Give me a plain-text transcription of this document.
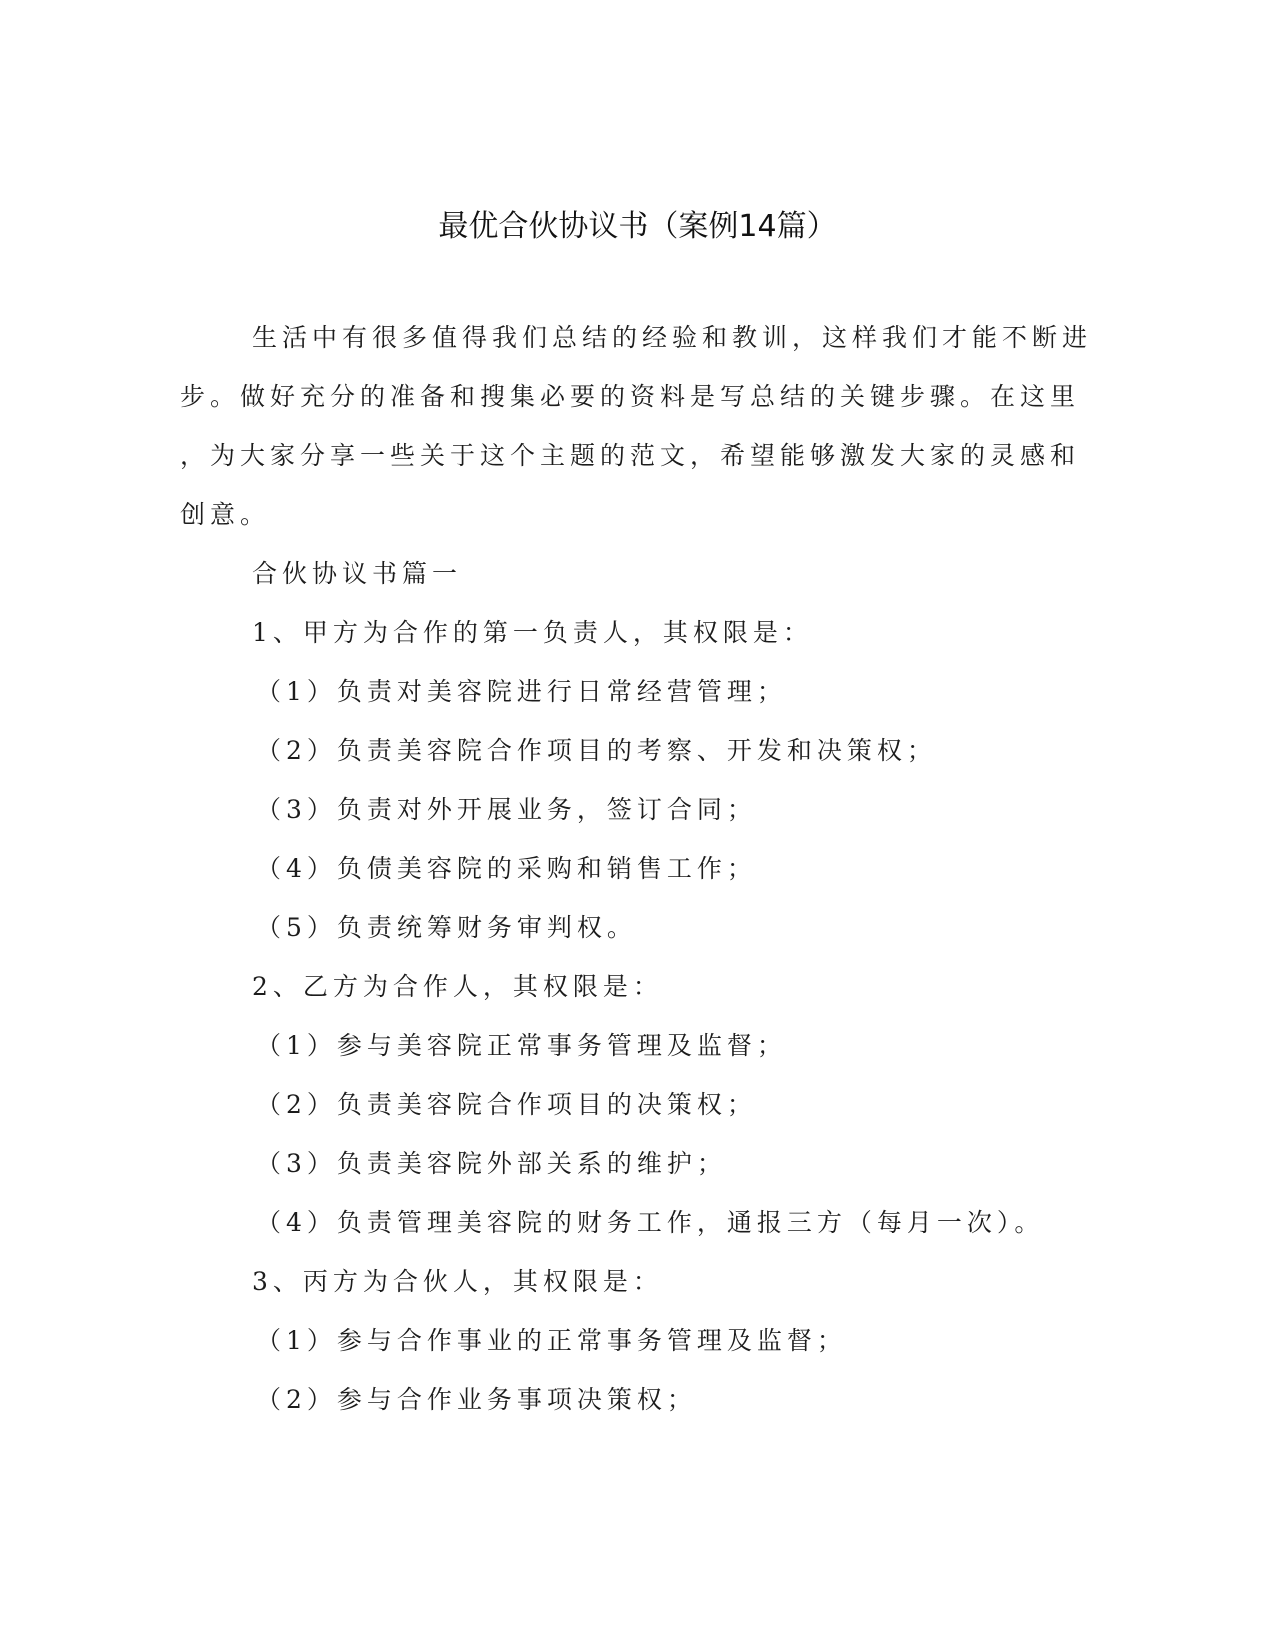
最优合伙协议书（案例14篇）
生活中有很多值得我们总结的经验和教训，这样我们才能不断进
步。做好充分的准备和搜集必要的资料是写总结的关键步骤。在这里
，为大家分享一些关于这个主题的范文，希望能够激发大家的灵感和
创意。
合伙协议书篇一
1、甲方为合作的第一负责人，其权限是：
（1）负责对美容院进行日常经营管理；
（2）负责美容院合作项目的考察、开发和决策权；
（3）负责对外开展业务，签订合同；
（4）负债美容院的采购和销售工作；
（5）负责统筹财务审判权。
2、乙方为合作人，其权限是：
（1）参与美容院正常事务管理及监督；
（2）负责美容院合作项目的决策权；
（3）负责美容院外部关系的维护；
（4）负责管理美容院的财务工作，通报三方（每月一次）。
3、丙方为合伙人，其权限是：
（1）参与合作事业的正常事务管理及监督；
（2）参与合作业务事项决策权；
